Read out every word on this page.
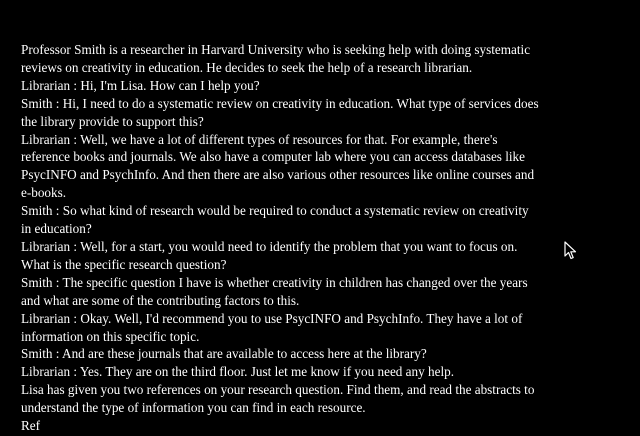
Professor Smith is a researcher in Harvard University who is seeking help with doing systematic reviews on creativity in education. He decides to seek the help of a research librarian.

Librarian : Hi, I'm Lisa. How can I help you?

Smith : Hi, I need to do a systematic review on creativity in education. What type of services does the library provide to support this?

Librarian : Well, we have a lot of different types of resources for that. For example, there's reference books and journals. We also have a computer lab where you can access databases like PsycINFO and PsychInfo. And then there are also various other resources like online courses and e-books.

Smith : So what kind of research would be required to conduct a systematic review on creativity in education?

Librarian : Well, for a start, you would need to identify the problem that you want to focus on. What is the specific research question?

Smith : The specific question I have is whether creativity in children has changed over the years and what are some of the contributing factors to this.

Librarian : Okay. Well, I'd recommend you to use PsycINFO and PsychInfo. They have a lot of information on this specific topic.

Smith : And are these journals that are available to access here at the library?

Librarian : Yes. They are on the third floor. Just let me know if you need any help.

Lisa has given you two references on your research question. Find them, and read the abstracts to understand the type of information you can find in each resource.

Ref
